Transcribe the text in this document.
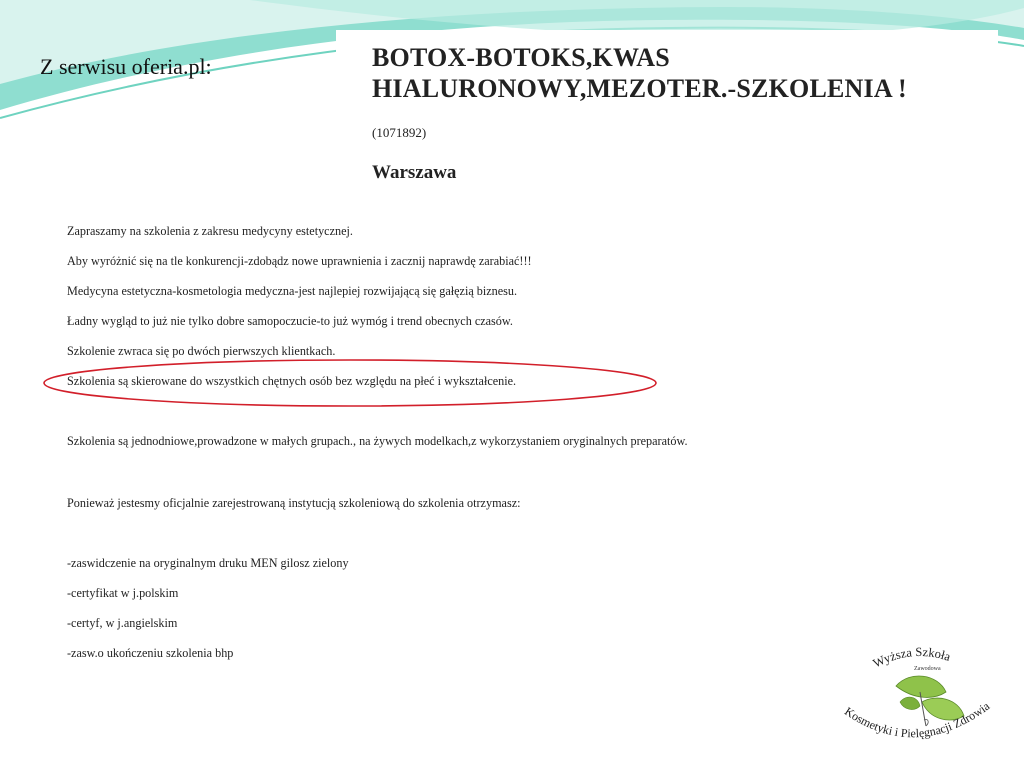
Z serwisu oferia.pl:	BOTOX-BOTOKS,KWAS
HIALURONOWY,MEZOTER.-SZKOLENIA !
(1071892)
Warszawa
Zapraszamy na szkolenia z zakresu medycyny estetycznej.
Aby wyróżnić się na tle konkurencji-zdobądz nowe uprawnienia i zacznij naprawdę zarabiać!!!
Medycyna estetyczna-kosmetologia medyczna-jest najlepiej rozwijającą się gałęzią biznesu.
Ładny wygląd to już nie tylko dobre samopoczucie-to już wymóg i trend obecnych czasów.
Szkolenie zwraca się po dwóch pierwszych klientkach.
Szkolenia są skierowane do wszystkich chętnych osób bez względu na płeć i wykształcenie.
Szkolenia są jednodniowe,prowadzone w małych grupach., na żywych modelkach,z wykorzystaniem oryginalnych preparatów.
Ponieważ jestesmy oficjalnie zarejestrowaną instytucją szkoleniową do szkolenia otrzymasz:
-zaswidczenie na oryginalnym druku MEN gilosz zielony
-certyfikat w j.polskim
-certyf, w j.angielskim
-zasw.o ukończeniu szkolenia bhp
Wyższa Szkoła
Zawodowa
Kosmetyki i Pielęgnacji Zdrowia
